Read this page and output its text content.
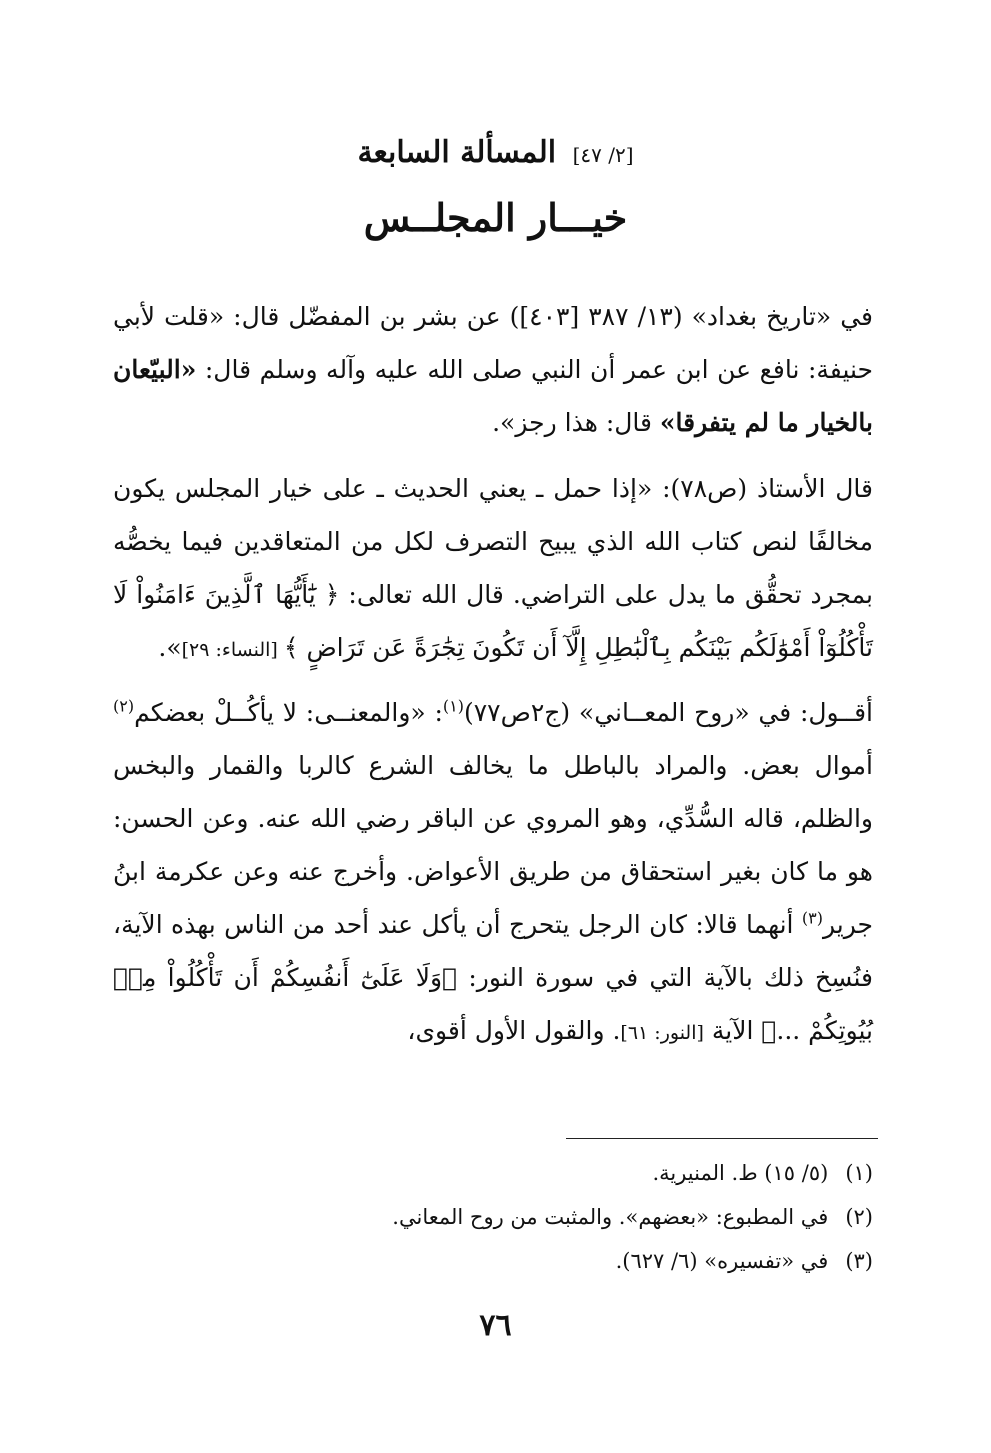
[٢/ ٤٧] المسألة السابعة
خيـــار المجلــس
في «تاريخ بغداد» (١٣/ ٣٨٧ [٤٠٣]) عن بشر بن المفضّل قال: «قلت لأبي حنيفة: نافع عن ابن عمر أن النبي صلى الله عليه وآله وسلم قال: «البيّعان بالخيار ما لم يتفرقا» قال: هذا رجز».
قال الأستاذ (ص٧٨): «إذا حمل ـ يعني الحديث ـ على خيار المجلس يكون مخالفًا لنص كتاب الله الذي يبيح التصرف لكل من المتعاقدين فيما يخصُّه بمجرد تحقُّق ما يدل على التراضي. قال الله تعالى: ﴿ يَٰٓأَيُّهَا ٱلَّذِينَ ءَامَنُواْ لَا تَأْكُلُوٓاْ أَمْوَٰلَكُم بَيْنَكُم بِٱلْبَٰطِلِ إِلَّآ أَن تَكُونَ تِجَٰرَةً عَن تَرَاضٍ ﴾ [النساء: ٢٩]».
أقــول: في «روح المعــاني» (ج٢ص٧٧)$^{(١)}$: «والمعنــى: لا يأكُــلْ بعضكم$^{(٢)}$ أموال بعض. والمراد بالباطل ما يخالف الشرع كالربا والقمار والبخس والظلم، قاله السُّدِّي، وهو المروي عن الباقر رضي الله عنه. وعن الحسن: هو ما كان بغير استحقاق من طريق الأعواض. وأخرج عنه وعن عكرمة ابنُ جرير$^{(٣)}$ أنهما قالا: كان الرجل يتحرج أن يأكل عند أحد من الناس بهذه الآية، فنُسِخ ذلك بالآية التي في سورة النور: ﴿وَلَا عَلَىٰٓ أَنفُسِكُمْ أَن تَأْكُلُواْ مِنۢ بُيُوتِكُمْ ...﴾ الآية [النور: ٦١]. والقول الأول أقوى،
(١) (٥/ ١٥) ط. المنيرية.
(٢) في المطبوع: «بعضهم». والمثبت من روح المعاني.
(٣) في «تفسيره» (٦/ ٦٢٧).
٧٦
